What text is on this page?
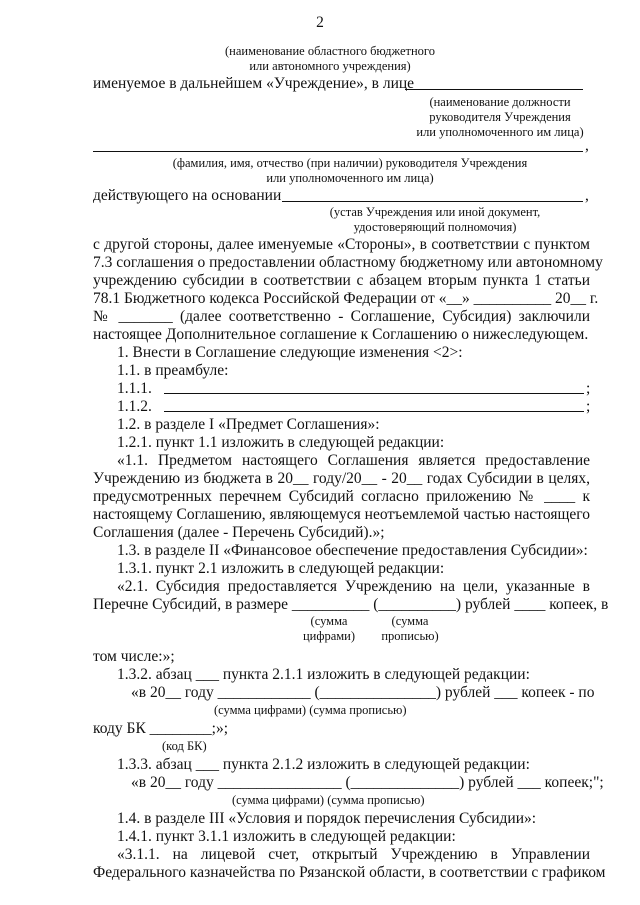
2
(наименование областного бюджетного
или автономного учреждения)
именуемое в дальнейшем «Учреждение», в лице
(наименование должности
руководителя Учреждения
или уполномоченного им лица)
,
(фамилия, имя, отчество (при наличии) руководителя Учреждения
или уполномоченного им лица)
действующего на основании	,
(устав Учреждения или иной документ,
удостоверяющий полномочия)
с другой стороны, далее именуемые «Стороны», в соответствии с пунктом
7.3 соглашения о предоставлении областному бюджетному или автономному
учреждению субсидии в соответствии с абзацем вторым пункта 1 статьи
78.1 Бюджетного кодекса Российской Федерации от «__» __________ 20__ г.
№ _______ (далее соответственно - Соглашение, Субсидия) заключили
настоящее Дополнительное соглашение к Соглашению о нижеследующем.
1. Внести в Соглашение следующие изменения <2>:
1.1. в преамбуле:
1.1.1.	;
1.1.2.	;
1.2. в разделе I «Предмет Соглашения»:
1.2.1. пункт 1.1 изложить в следующей редакции:
«1.1. Предметом настоящего Соглашения является предоставление
Учреждению из бюджета в 20__ году/20__ - 20__ годах Субсидии в целях,
предусмотренных перечнем Субсидий согласно приложению № ____ к
настоящему Соглашению, являющемуся неотъемлемой частью настоящего
Соглашения (далее - Перечень Субсидий).»;
1.3. в разделе II «Финансовое обеспечение предоставления Субсидии»:
1.3.1. пункт 2.1 изложить в следующей редакции:
«2.1. Субсидия предоставляется Учреждению на цели, указанные в
Перечне Субсидий, в размере __________ (__________) рублей ____ копеек, в
(сумма
цифрами)
(сумма
прописью)
том числе:»;
1.3.2. абзац ___ пункта 2.1.1 изложить в следующей редакции:
«в 20__ году ____________ (_______________) рублей ___ копеек - по
(сумма цифрами) (сумма прописью)
коду БК ________;»;
(код БК)
1.3.3. абзац ___ пункта 2.1.2 изложить в следующей редакции:
«в 20__ году ________________ (______________) рублей ___ копеек;";
(сумма цифрами) (сумма прописью)
1.4. в разделе III «Условия и порядок перечисления Субсидии»:
1.4.1. пункт 3.1.1 изложить в следующей редакции:
«3.1.1. на лицевой счет, открытый Учреждению в Управлении
Федерального казначейства по Рязанской области, в соответствии с графиком
